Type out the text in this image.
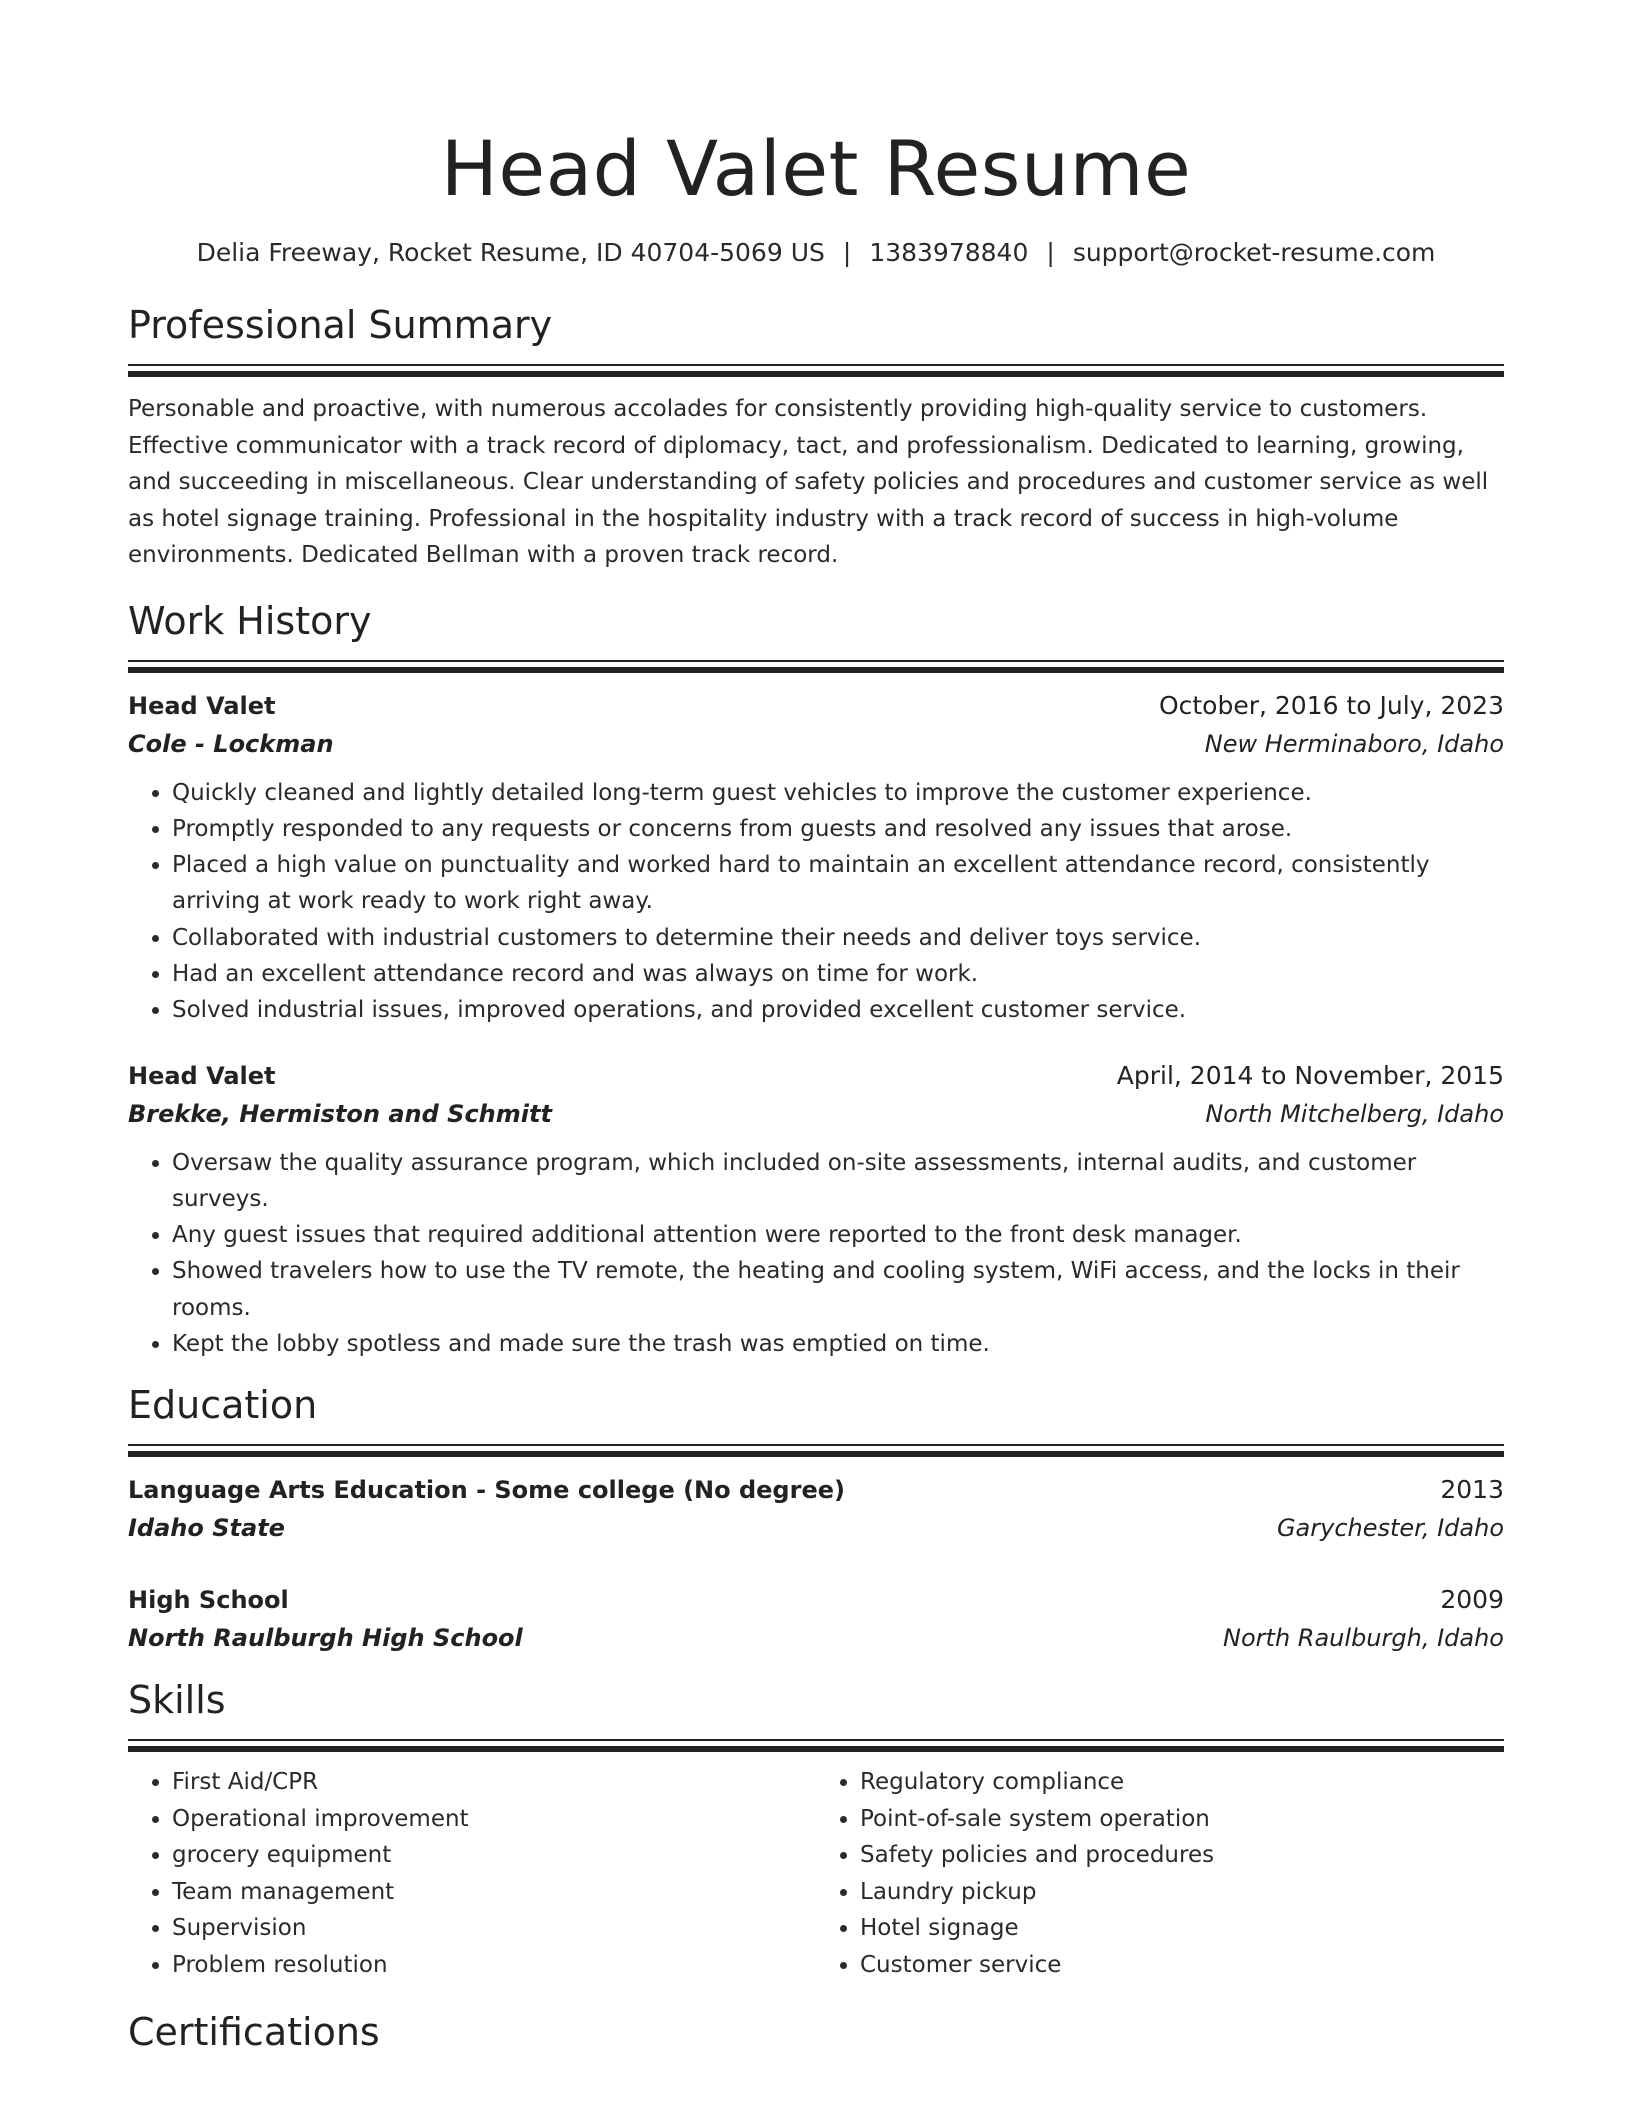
Head Valet Resume
Delia Freeway, Rocket Resume, ID 40704-5069 US | 1383978840 | support@rocket-resume.com
Professional Summary
Personable and proactive, with numerous accolades for consistently providing high-quality service to customers. Effective communicator with a track record of diplomacy, tact, and professionalism. Dedicated to learning, growing, and succeeding in miscellaneous. Clear understanding of safety policies and procedures and customer service as well as hotel signage training. Professional in the hospitality industry with a track record of success in high-volume environments. Dedicated Bellman with a proven track record.
Work History
Head Valet	October, 2016 to July, 2023
Cole - Lockman	New Herminaboro, Idaho
• Quickly cleaned and lightly detailed long-term guest vehicles to improve the customer experience.
• Promptly responded to any requests or concerns from guests and resolved any issues that arose.
• Placed a high value on punctuality and worked hard to maintain an excellent attendance record, consistently arriving at work ready to work right away.
• Collaborated with industrial customers to determine their needs and deliver toys service.
• Had an excellent attendance record and was always on time for work.
• Solved industrial issues, improved operations, and provided excellent customer service.
Head Valet	April, 2014 to November, 2015
Brekke, Hermiston and Schmitt	North Mitchelberg, Idaho
• Oversaw the quality assurance program, which included on-site assessments, internal audits, and customer surveys.
• Any guest issues that required additional attention were reported to the front desk manager.
• Showed travelers how to use the TV remote, the heating and cooling system, WiFi access, and the locks in their rooms.
• Kept the lobby spotless and made sure the trash was emptied on time.
Education
Language Arts Education - Some college (No degree)	2013
Idaho State	Garychester, Idaho
High School	2009
North Raulburgh High School	North Raulburgh, Idaho
Skills
• First Aid/CPR
• Operational improvement
• grocery equipment
• Team management
• Supervision
• Problem resolution
• Regulatory compliance
• Point-of-sale system operation
• Safety policies and procedures
• Laundry pickup
• Hotel signage
• Customer service
Certifications
